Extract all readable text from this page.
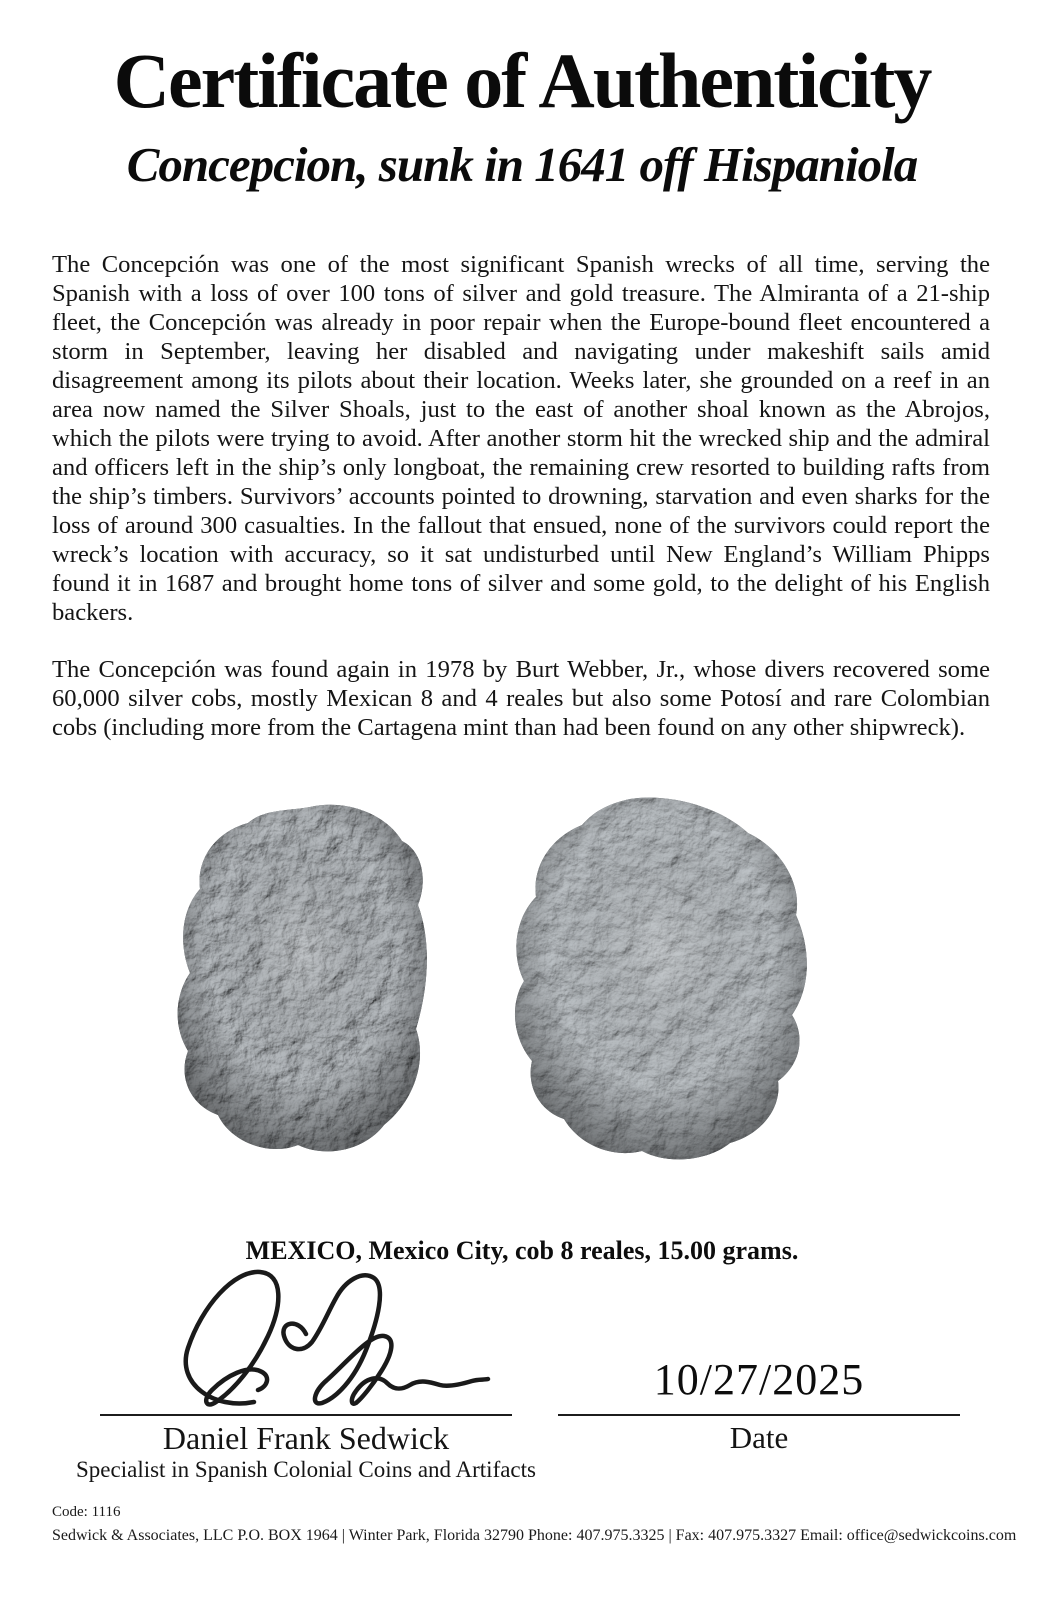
Certificate of Authenticity
Concepcion, sunk in 1641 off Hispaniola

The Concepción was one of the most significant Spanish wrecks of all time, serving the Spanish with a loss of over 100 tons of silver and gold treasure. The Almiranta of a 21-ship fleet, the Concepción was already in poor repair when the Europe-bound fleet encountered a storm in September, leaving her disabled and navigating under makeshift sails amid disagreement among its pilots about their location. Weeks later, she grounded on a reef in an area now named the Silver Shoals, just to the east of another shoal known as the Abrojos, which the pilots were trying to avoid. After another storm hit the wrecked ship and the admiral and officers left in the ship’s only longboat, the remaining crew resorted to building rafts from the ship’s timbers. Survivors’ accounts pointed to drowning, starvation and even sharks for the loss of around 300 casualties. In the fallout that ensued, none of the survivors could report the wreck’s location with accuracy, so it sat undisturbed until New England’s William Phipps found it in 1687 and brought home tons of silver and some gold, to the delight of his English backers.

The Concepción was found again in 1978 by Burt Webber, Jr., whose divers recovered some 60,000 silver cobs, mostly Mexican 8 and 4 reales but also some Potosí and rare Colombian cobs (including more from the Cartagena mint than had been found on any other shipwreck).

MEXICO, Mexico City, cob 8 reales, 15.00 grams.

10/27/2025
Daniel Frank Sedwick	Date
Specialist in Spanish Colonial Coins and Artifacts
Code: 1116
Sedwick & Associates, LLC P.O. BOX 1964 | Winter Park, Florida 32790 Phone: 407.975.3325 | Fax: 407.975.3327 Email: office@sedwickcoins.com
